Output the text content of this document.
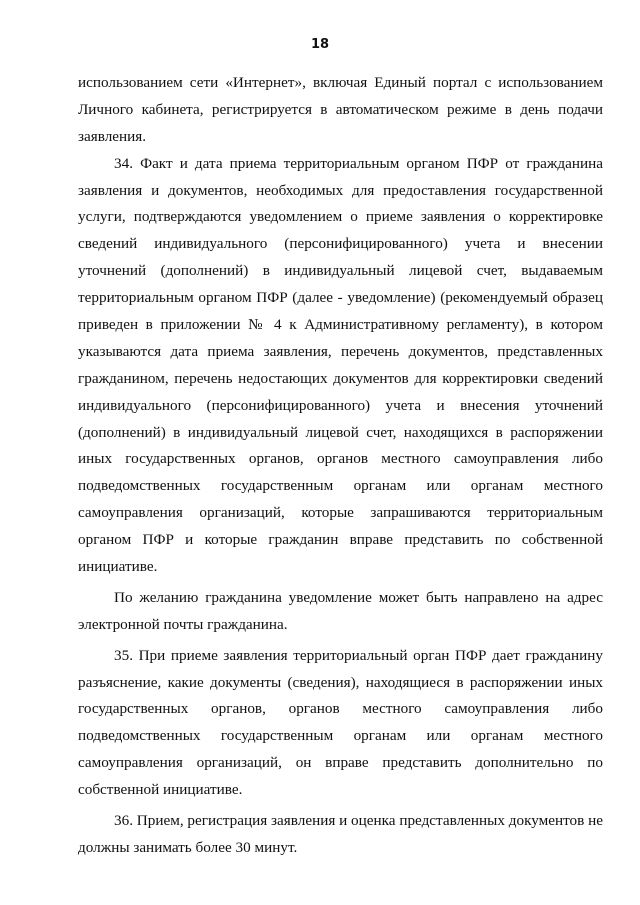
18
использованием сети «Интернет», включая Единый портал с использованием
Личного кабинета, регистрируется в автоматическом режиме в день подачи
заявления.
34. Факт и дата приема территориальным органом ПФР от гражданина
заявления и документов, необходимых для предоставления государственной
услуги, подтверждаются уведомлением о приеме заявления о корректировке
сведений индивидуального (персонифицированного) учета и внесении
уточнений (дополнений) в индивидуальный лицевой счет, выдаваемым
территориальным органом ПФР (далее - уведомление) (рекомендуемый образец
приведен в приложении № 4 к Административному регламенту), в котором
указываются дата приема заявления, перечень документов, представленных
гражданином, перечень недостающих документов для корректировки сведений
индивидуального (персонифицированного) учета и внесения уточнений
(дополнений) в индивидуальный лицевой счет, находящихся в распоряжении
иных государственных органов, органов местного самоуправления либо
подведомственных государственным органам или органам местного
самоуправления организаций, которые запрашиваются территориальным
органом ПФР и которые гражданин вправе представить по собственной
инициативе.
По желанию гражданина уведомление может быть направлено на адрес
электронной почты гражданина.
35. При приеме заявления территориальный орган ПФР дает гражданину
разъяснение, какие документы (сведения), находящиеся в распоряжении иных
государственных органов, органов местного самоуправления либо
подведомственных государственным органам или органам местного
самоуправления организаций, он вправе представить дополнительно по
собственной инициативе.
36. Прием, регистрация заявления и оценка представленных документов не
должны занимать более 30 минут.
